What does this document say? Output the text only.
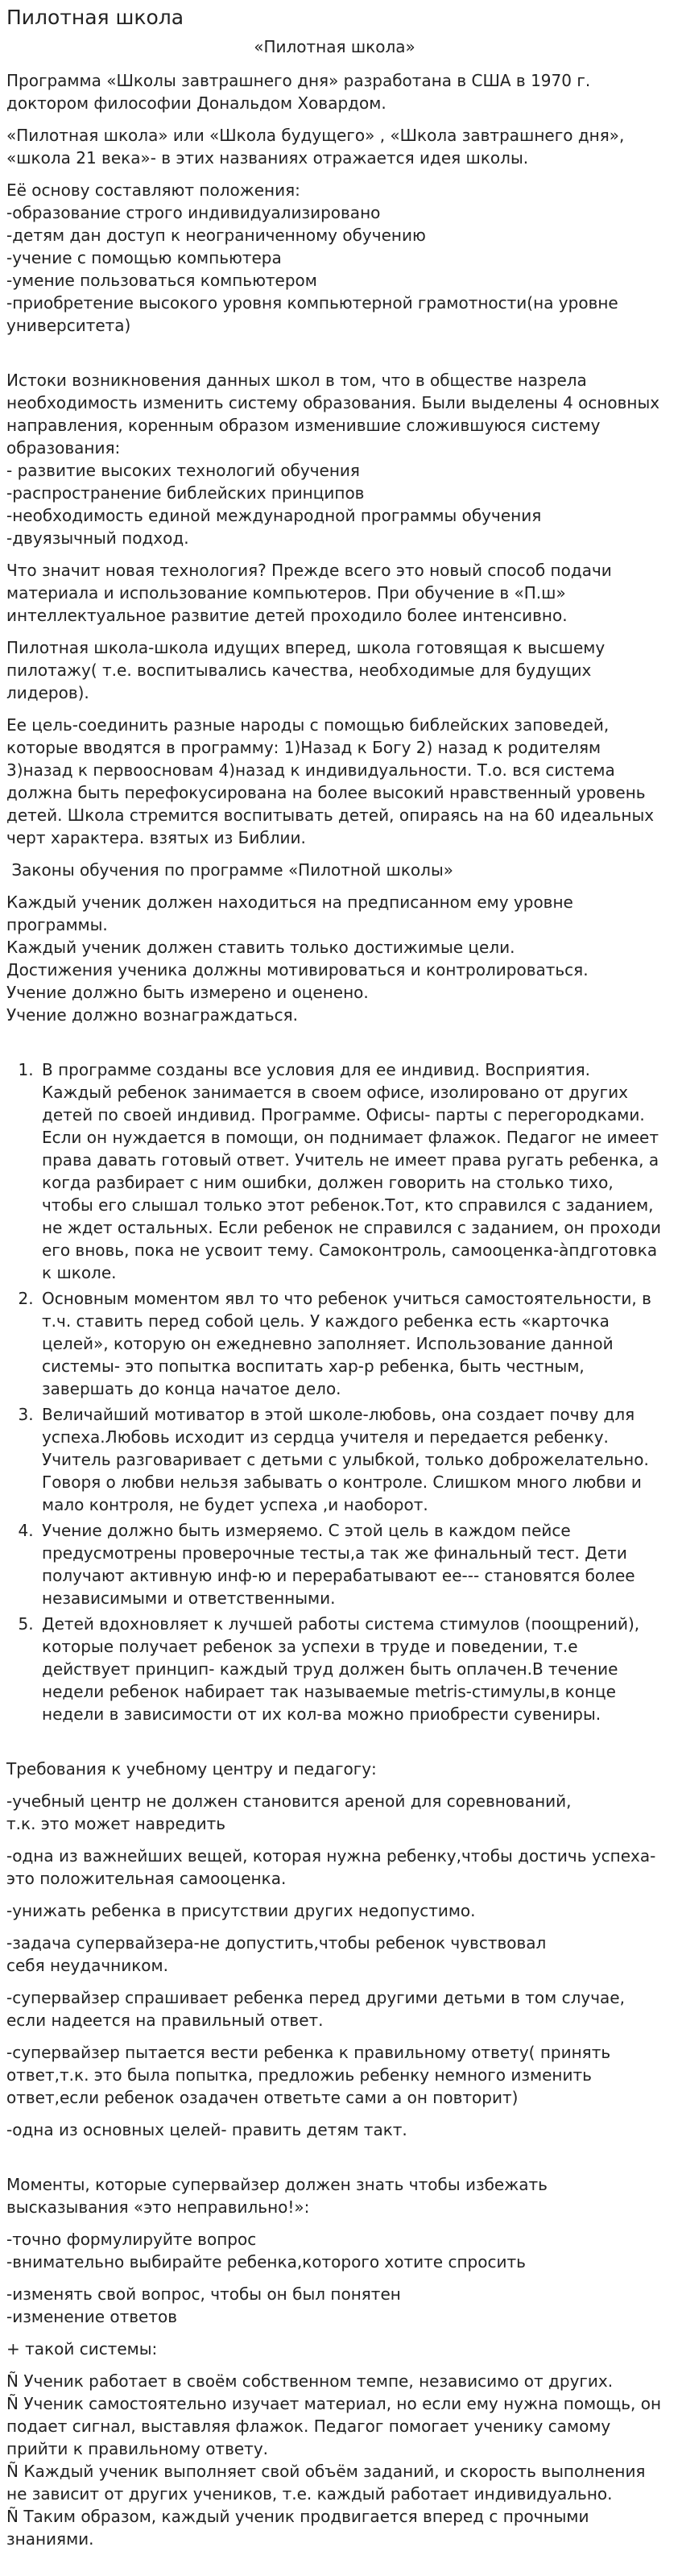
Пилотная школа
«Пилотная школа»

Программа «Школы завтрашнего дня» разработана в США в 1970 г. доктором философии Дональдом Ховардом.

«Пилотная школа» или «Школа будущего» , «Школа завтрашнего дня», «школа 21 века»- в этих названиях отражается идея школы.

Её основу составляют положения:
-образование строго индивидуализировано
-детям дан доступ к неограниченному обучению
-учение с помощью компьютера
-умение пользоваться компьютером
-приобретение высокого уровня компьютерной грамотности(на уровне университета)
Истоки возникновения данных школ в том, что в обществе назрела необходимость изменить систему образования. Были выделены 4 основных направления, коренным образом изменившие сложившуюся систему образования:
- развитие высоких технологий обучения
-распространение библейских принципов
-необходимость единой международной программы обучения
-двуязычный подход.

Что значит новая технология? Прежде всего это новый способ подачи материала и использование компьютеров. При обучение в «П.ш» интеллектуальное развитие детей проходило более интенсивно.

Пилотная школа-школа идущих вперед, школа готовящая к высшему пилотажу( т.е. воспитывались качества, необходимые для будущих лидеров).

Ее цель-соединить разные народы с помощью библейских заповедей, которые вводятся в программу: 1)Назад к Богу 2) назад к родителям 3)назад к первоосновам 4)назад к индивидуальности. Т.о. вся система должна быть перефокусирована на более высокий нравственный уровень детей. Школа стремится воспитывать детей, опираясь на на 60 идеальных черт характера. взятых из Библии.

Законы обучения по программе «Пилотной школы»

Каждый ученик должен находиться на предписанном ему уровне программы.
Каждый ученик должен ставить только достижимые цели.
Достижения ученика должны мотивироваться и контролироваться.
Учение должно быть измерено и оценено.
Учение должно вознаграждаться.
1. В программе созданы все условия для ее индивид. Восприятия. Каждый ребенок занимается в своем офисе, изолировано от других детей по своей индивид. Программе. Офисы- парты с перегородками. Если он нуждается в помощи, он поднимает флажок. Педагог не имеет права давать готовый ответ. Учитель не имеет права ругать ребенка, а когда разбирает с ним ошибки, должен говорить на столько тихо, чтобы его слышал только этот ребенок.Тот, кто справился с заданием, не ждет остальных. Если ребенок не справился с заданием, он проходи его вновь, пока не усвоит тему. Самоконтроль, самооценка-àпдготовка к школе.
2. Основным моментом явл то что ребенок учиться самостоятельности, в т.ч. ставить перед собой цель. У каждого ребенка есть «карточка целей», которую он ежедневно заполняет. Использование данной системы- это попытка воспитать хар-р ребенка, быть честным, завершать до конца начатое дело.
3. Величайший мотиватор в этой школе-любовь, она создает почву для успеха.Любовь исходит из сердца учителя и передается ребенку. Учитель разговаривает с детьми с улыбкой, только доброжелательно. Говоря о любви нельзя забывать о контроле. Слишком много любви и мало контроля, не будет успеха ,и наоборот.
4. Учение должно быть измеряемо. С этой цель в каждом пейсе предусмотрены проверочные тесты,а так же финальный тест. Дети получают активную инф-ю и перерабатывают ее--- становятся более независимыми и ответственными.
5. Детей вдохновляет к лучшей работы система стимулов (поощрений), которые получает ребенок за успехи в труде и поведении, т.е действует принцип- каждый труд должен быть оплачен.В течение недели ребенок набирает так называемые metris-стимулы,в конце недели в зависимости от их кол-ва можно приобрести сувениры.

Требования к учебному центру и педагогу:

-учебный центр не должен становится ареной для соревнований,
т.к. это может навредить

-одна из важнейших вещей, которая нужна ребенку,чтобы достичь успеха-это положительная самооценка.

-унижать ребенка в присутствии других недопустимо.

-задача супервайзера-не допустить,чтобы ребенок чувствовал
себя неудачником.

-супервайзер спрашивает ребенка перед другими детьми в том случае,
если надеется на правильный ответ.

-супервайзер пытается вести ребенка к правильному ответу( принять ответ,т.к. это была попытка, предложиь ребенку немного изменить ответ,если ребенок озадачен ответьте сами а он повторит)

-одна из основных целей- править детям такт.

Моменты, которые супервайзер должен знать чтобы избежать высказывания «это неправильно!»:

-точно формулируйте вопрос
-внимательно выбирайте ребенка,которого хотите спросить

-изменять свой вопрос, чтобы он был понятен
-изменение ответов

+ такой системы:

Ñ Ученик работает в своём собственном темпе, независимо от других.
Ñ Ученик самостоятельно изучает материал, но если ему нужна помощь, он подает сигнал, выставляя флажок. Педагог помогает ученику самому прийти к правильному ответу.
Ñ Каждый ученик выполняет свой объём заданий, и скорость выполнения не зависит от других учеников, т.е. каждый работает индивидуально.
Ñ Таким образом, каждый ученик продвигается вперед с прочными знаниями.
